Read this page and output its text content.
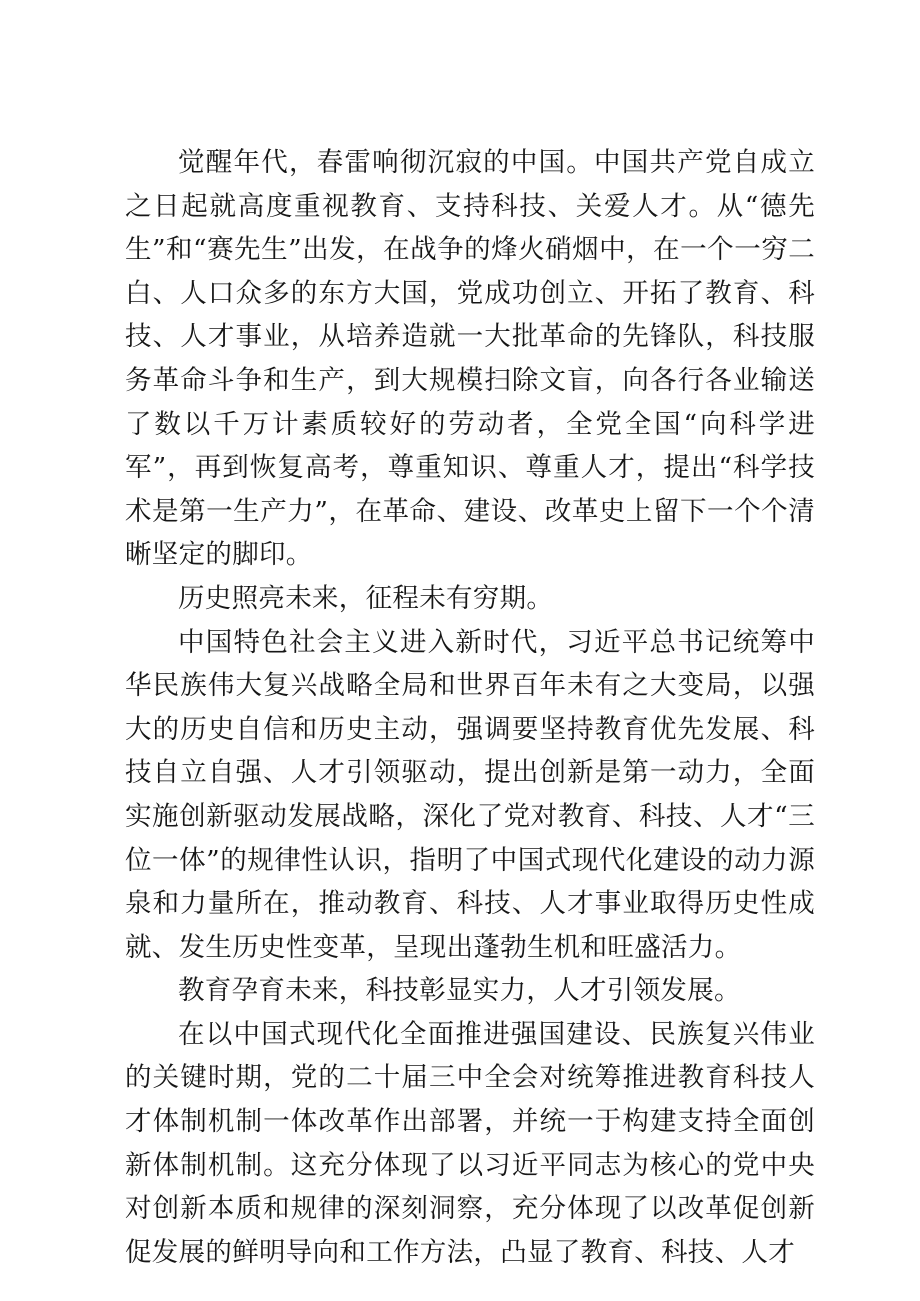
觉醒年代，春雷响彻沉寂的中国。中国共产党自成立之日起就高度重视教育、支持科技、关爱人才。从“德先生”和“赛先生”出发，在战争的烽火硝烟中，在一个一穷二白、人口众多的东方大国，党成功创立、开拓了教育、科技、人才事业，从培养造就一大批革命的先锋队，科技服务革命斗争和生产，到大规模扫除文盲，向各行各业输送了数以千万计素质较好的劳动者，全党全国“向科学进军”，再到恢复高考，尊重知识、尊重人才，提出“科学技术是第一生产力”，在革命、建设、改革史上留下一个个清晰坚定的脚印。

历史照亮未来，征程未有穷期。

中国特色社会主义进入新时代，习近平总书记统筹中华民族伟大复兴战略全局和世界百年未有之大变局，以强大的历史自信和历史主动，强调要坚持教育优先发展、科技自立自强、人才引领驱动，提出创新是第一动力，全面实施创新驱动发展战略，深化了党对教育、科技、人才“三位一体”的规律性认识，指明了中国式现代化建设的动力源泉和力量所在，推动教育、科技、人才事业取得历史性成就、发生历史性变革，呈现出蓬勃生机和旺盛活力。

教育孕育未来，科技彰显实力，人才引领发展。

在以中国式现代化全面推进强国建设、民族复兴伟业的关键时期，党的二十届三中全会对统筹推进教育科技人才体制机制一体改革作出部署，并统一于构建支持全面创新体制机制。这充分体现了以习近平同志为核心的党中央对创新本质和规律的深刻洞察，充分体现了以改革促创新促发展的鲜明导向和工作方法，凸显了教育、科技、人才
